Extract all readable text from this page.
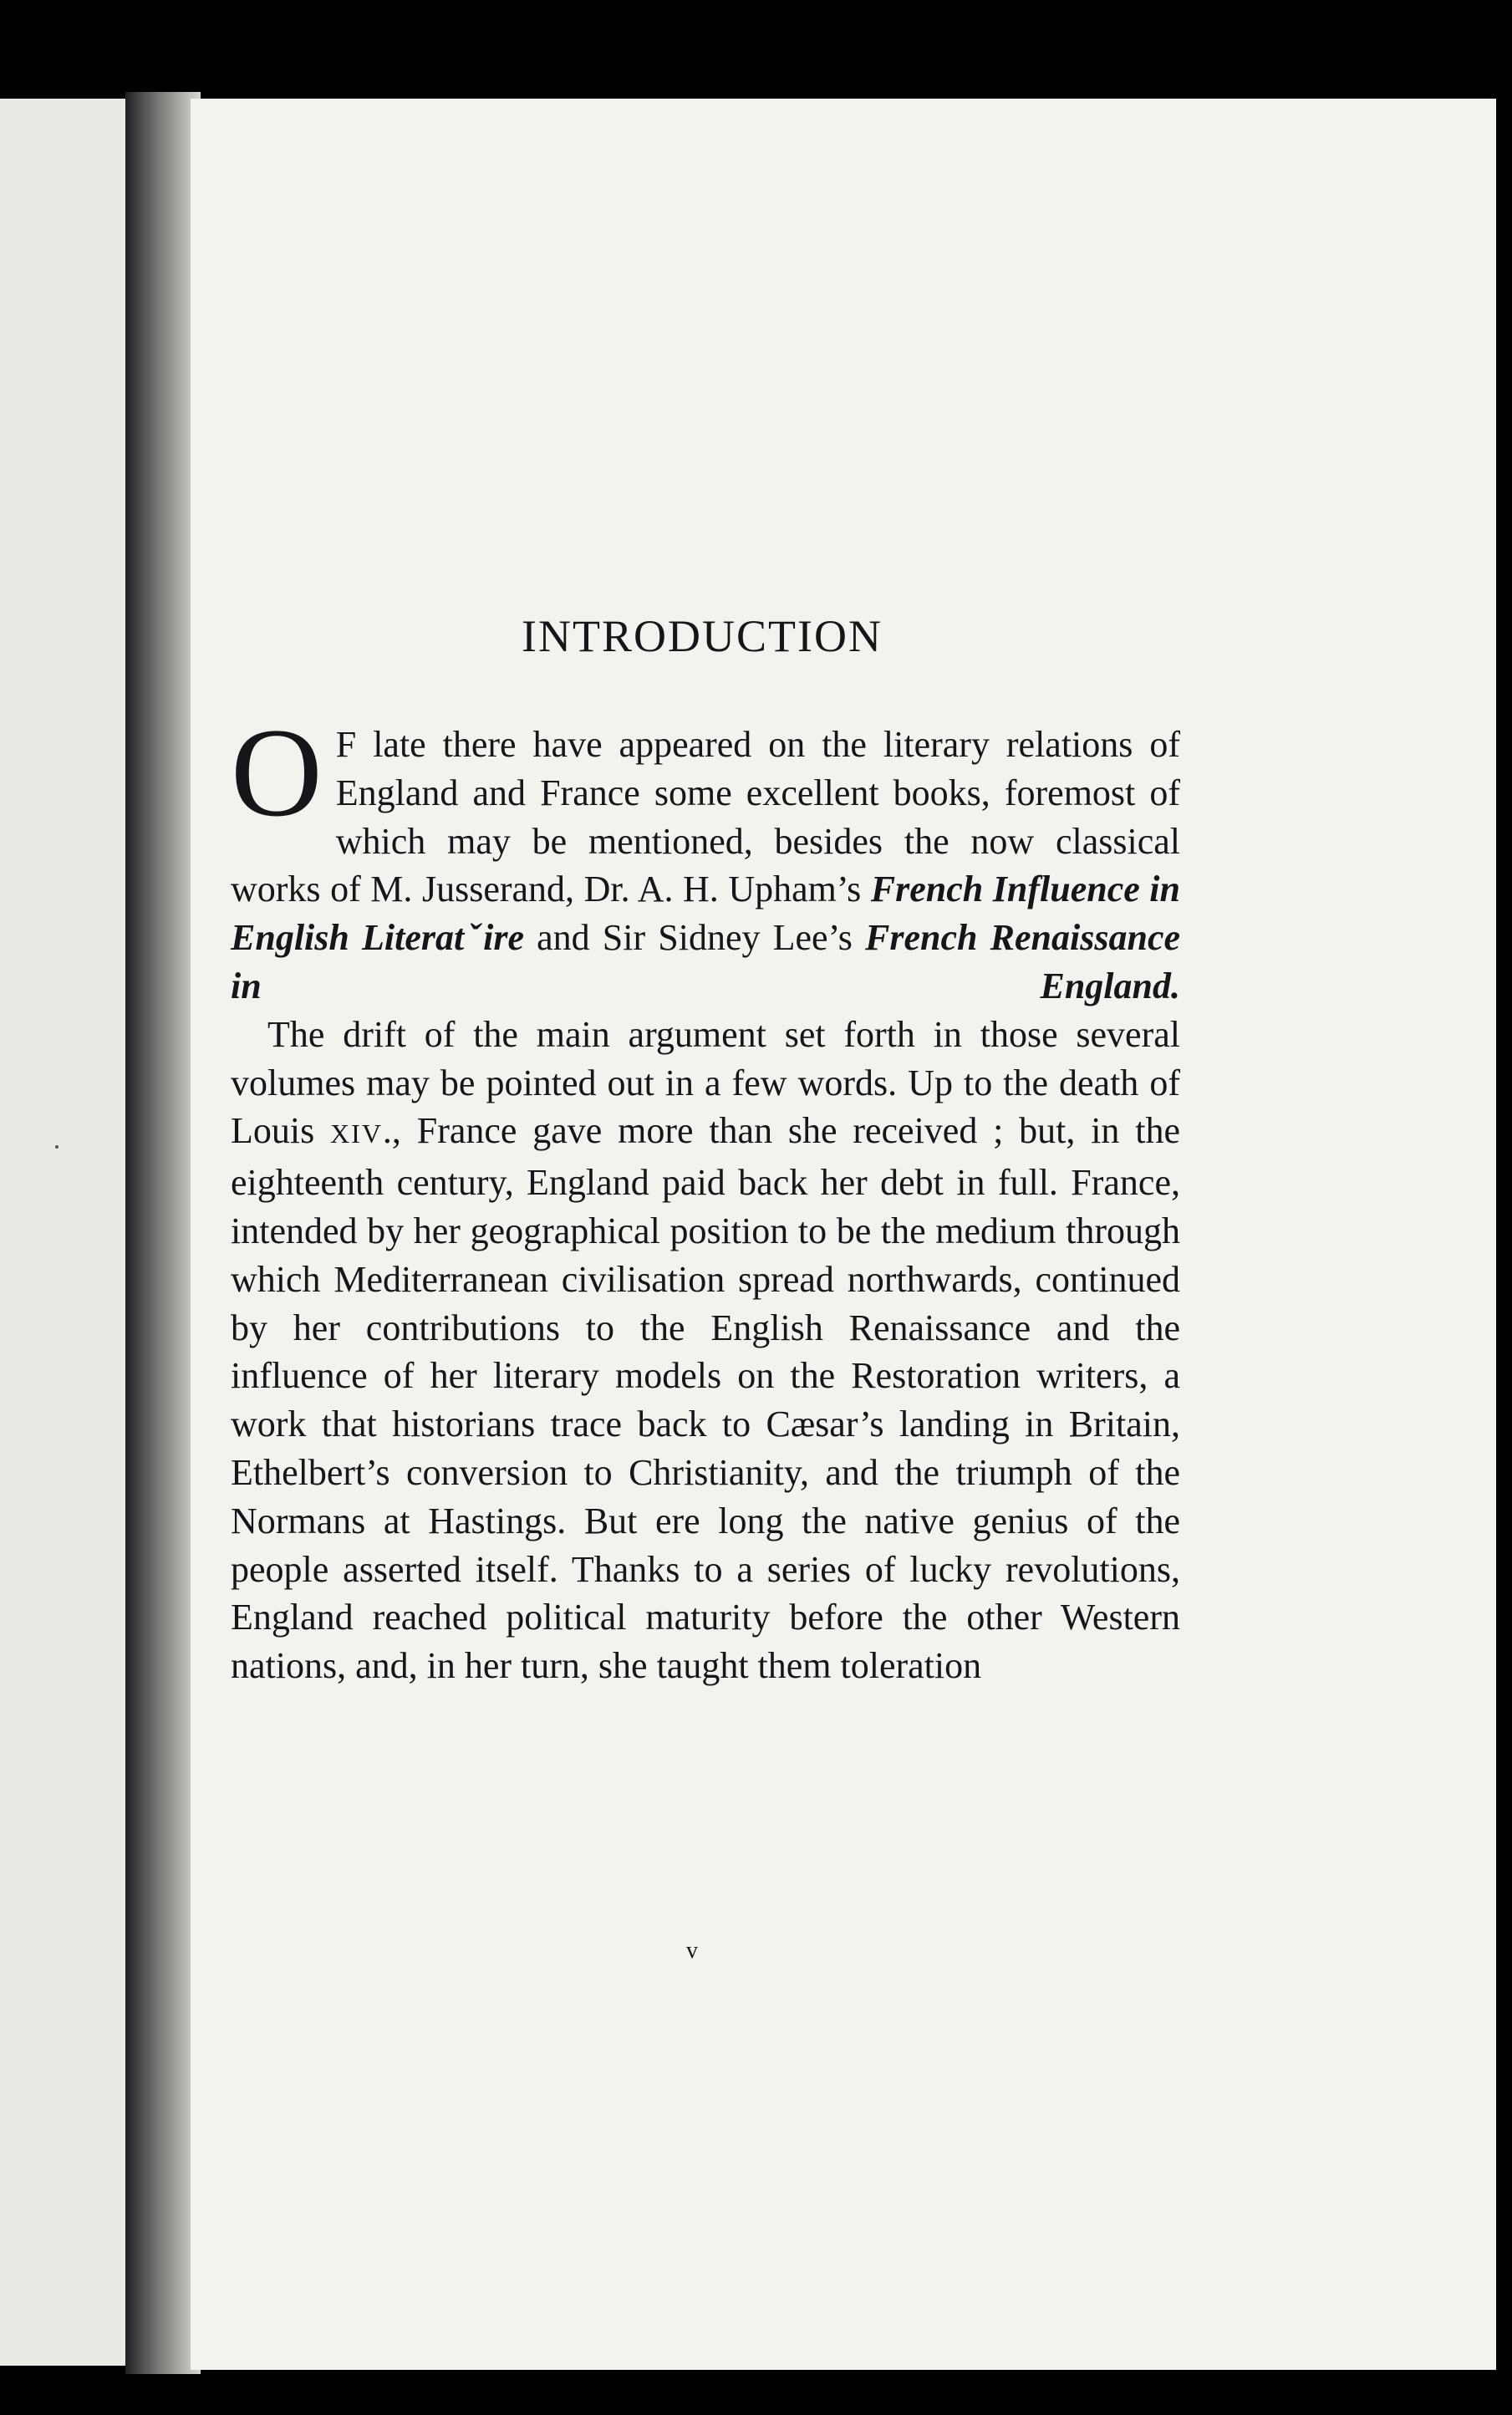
INTRODUCTION

O F late there have appeared on the literary relations of England and France some excellent books, foremost of which may be mentioned, besides the now classical works of M. Jusserand, Dr. A. H. Upham’s French Influence in English Literatˇire and Sir Sidney Lee’s French Renaissance in England.

The drift of the main argument set forth in those several volumes may be pointed out in a few words. Up to the death of Louis XIV., France gave more than she received ; but, in the eighteenth century, England paid back her debt in full. France, intended by her geographical position to be the medium through which Mediterranean civilisation spread northwards, continued by her contributions to the English Renaissance and the influence of her literary models on the Restoration writers, a work that historians trace back to Cæsar’s landing in Britain, Ethelbert’s conversion to Christianity, and the triumph of the Normans at Hastings. But ere long the native genius of the people asserted itself. Thanks to a series of lucky revolutions, England reached political maturity before the other Western nations, and, in her turn, she taught them toleration

v
